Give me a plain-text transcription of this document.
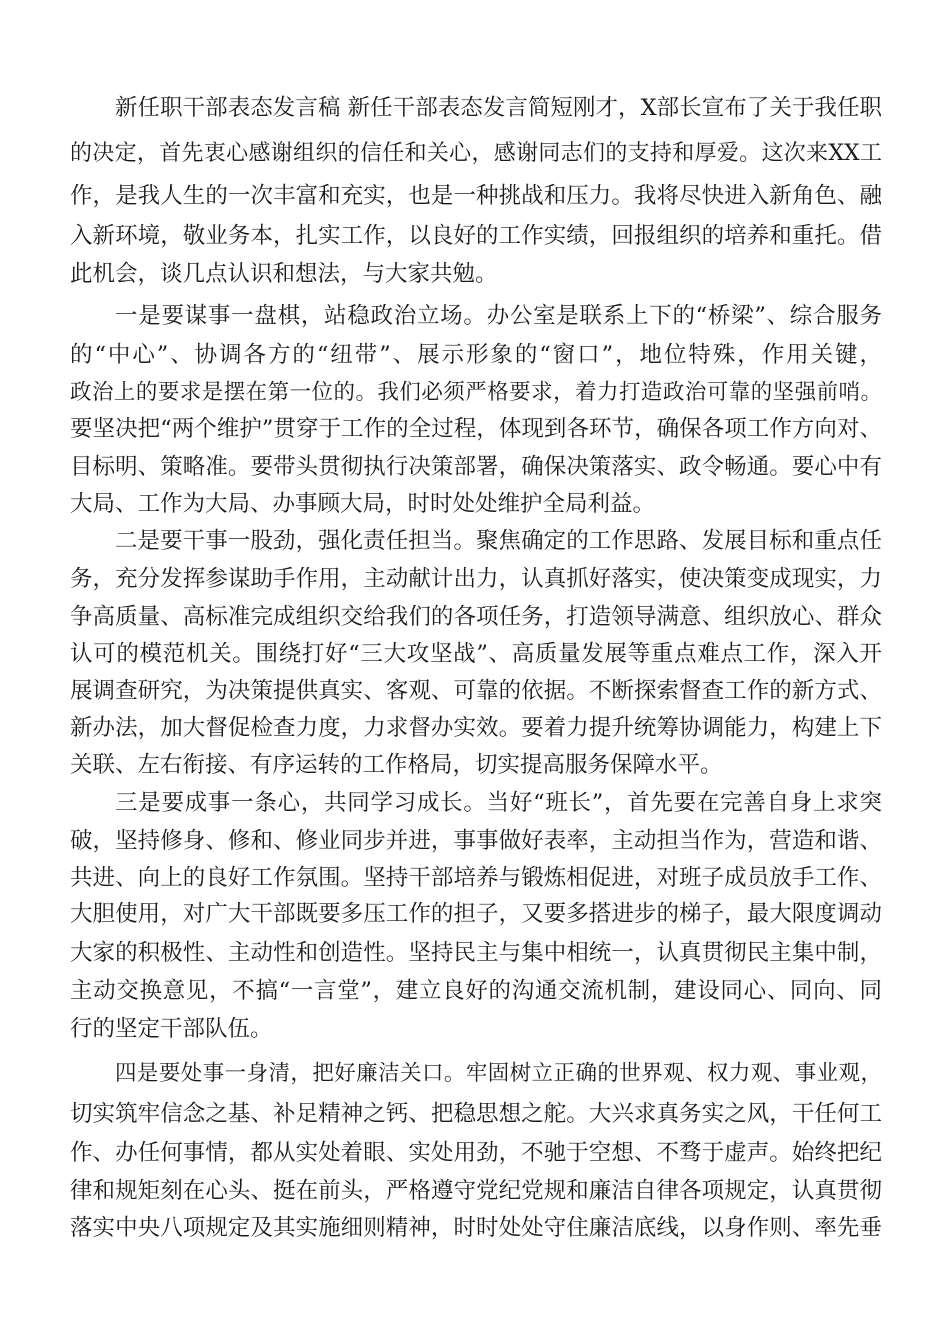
新任职干部表态发言稿 新任干部表态发言简短刚才，X部长宣布了关于我任职
的决定，首先衷心感谢组织的信任和关心，感谢同志们的支持和厚爱。这次来XX工
作，是我人生的一次丰富和充实，也是一种挑战和压力。我将尽快进入新角色、融
入新环境，敬业务本，扎实工作，以良好的工作实绩，回报组织的培养和重托。借
此机会，谈几点认识和想法，与大家共勉。
一是要谋事一盘棋，站稳政治立场。办公室是联系上下的“桥梁”、综合服务
的“中心”、协调各方的“纽带”、展示形象的“窗口”，地位特殊，作用关键，
政治上的要求是摆在第一位的。我们必须严格要求，着力打造政治可靠的坚强前哨。
要坚决把“两个维护”贯穿于工作的全过程，体现到各环节，确保各项工作方向对、
目标明、策略准。要带头贯彻执行决策部署，确保决策落实、政令畅通。要心中有
大局、工作为大局、办事顾大局，时时处处维护全局利益。
二是要干事一股劲，强化责任担当。聚焦确定的工作思路、发展目标和重点任
务，充分发挥参谋助手作用，主动献计出力，认真抓好落实，使决策变成现实，力
争高质量、高标准完成组织交给我们的各项任务，打造领导满意、组织放心、群众
认可的模范机关。围绕打好“三大攻坚战”、高质量发展等重点难点工作，深入开
展调查研究，为决策提供真实、客观、可靠的依据。不断探索督查工作的新方式、
新办法，加大督促检查力度，力求督办实效。要着力提升统筹协调能力，构建上下
关联、左右衔接、有序运转的工作格局，切实提高服务保障水平。
三是要成事一条心，共同学习成长。当好“班长”，首先要在完善自身上求突
破，坚持修身、修和、修业同步并进，事事做好表率，主动担当作为，营造和谐、
共进、向上的良好工作氛围。坚持干部培养与锻炼相促进，对班子成员放手工作、
大胆使用，对广大干部既要多压工作的担子，又要多搭进步的梯子，最大限度调动
大家的积极性、主动性和创造性。坚持民主与集中相统一，认真贯彻民主集中制，
主动交换意见，不搞“一言堂”，建立良好的沟通交流机制，建设同心、同向、同
行的坚定干部队伍。
四是要处事一身清，把好廉洁关口。牢固树立正确的世界观、权力观、事业观，
切实筑牢信念之基、补足精神之钙、把稳思想之舵。大兴求真务实之风，干任何工
作、办任何事情，都从实处着眼、实处用劲，不驰于空想、不骛于虚声。始终把纪
律和规矩刻在心头、挺在前头，严格遵守党纪党规和廉洁自律各项规定，认真贯彻
落实中央八项规定及其实施细则精神，时时处处守住廉洁底线，以身作则、率先垂
